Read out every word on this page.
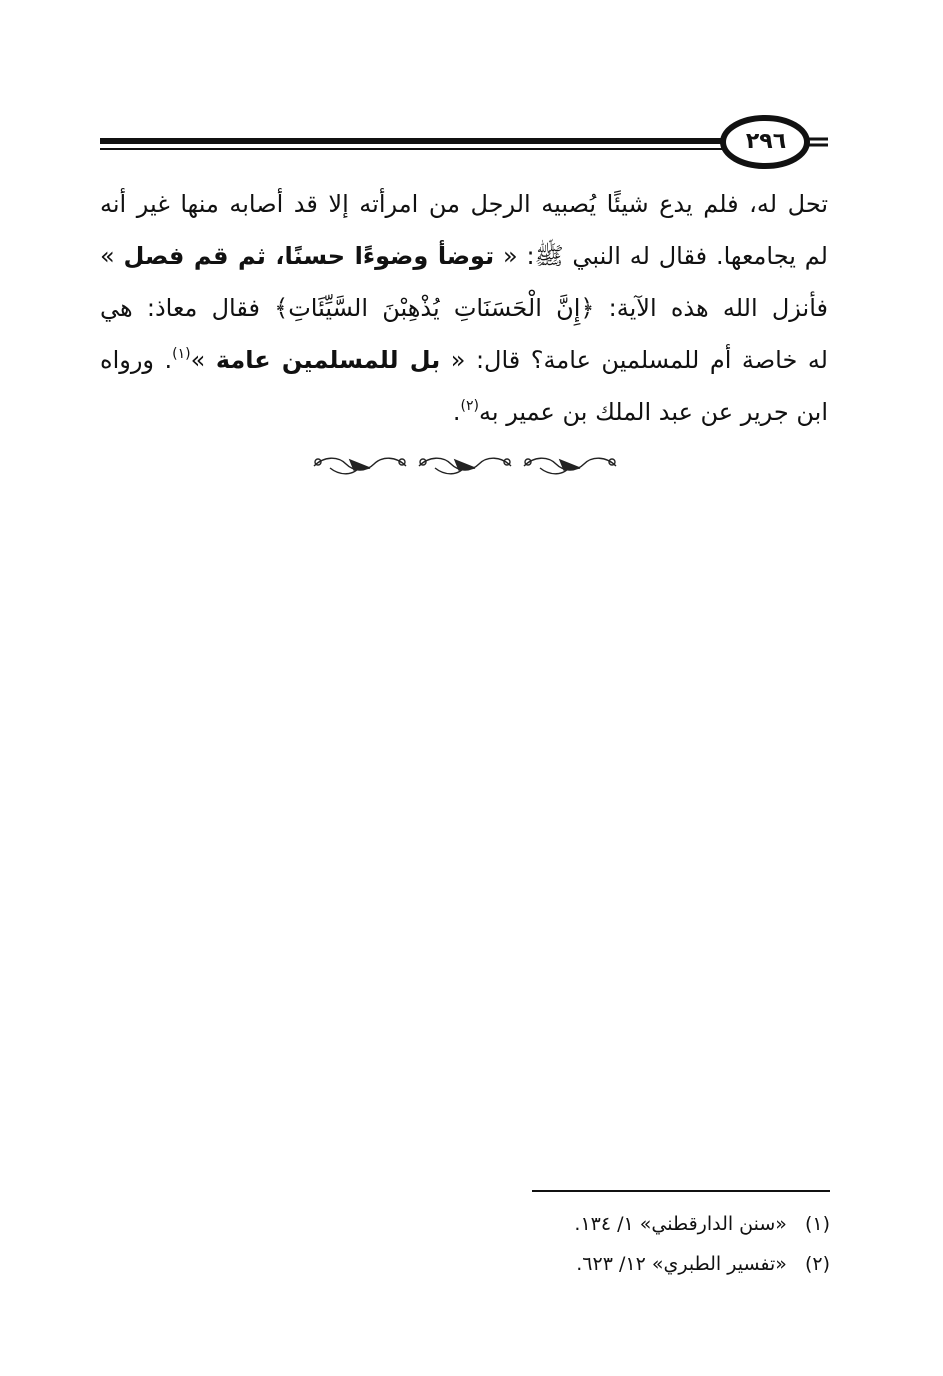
٢٩٦
تحل له، فلم يدع شيئًا يُصبيه الرجل من امرأته إلا قد أصابه منها غير أنه
لم يجامعها. فقال له النبي ﷺ: « توضأ وضوءًا حسنًا، ثم قم فصل »
فأنزل الله هذه الآية: ﴿إِنَّ الْحَسَنَاتِ يُذْهِبْنَ السَّيِّئَاتِ﴾ فقال معاذ: هي
له خاصة أم للمسلمين عامة؟ قال: « بل للمسلمين عامة »$^{(١)}$. ورواه
ابن جرير عن عبد الملك بن عمير به$^{(٢)}$.
(١)«سنن الدارقطني» ١/ ١٣٤.
(٢)«تفسير الطبري» ١٢/ ٦٢٣.
